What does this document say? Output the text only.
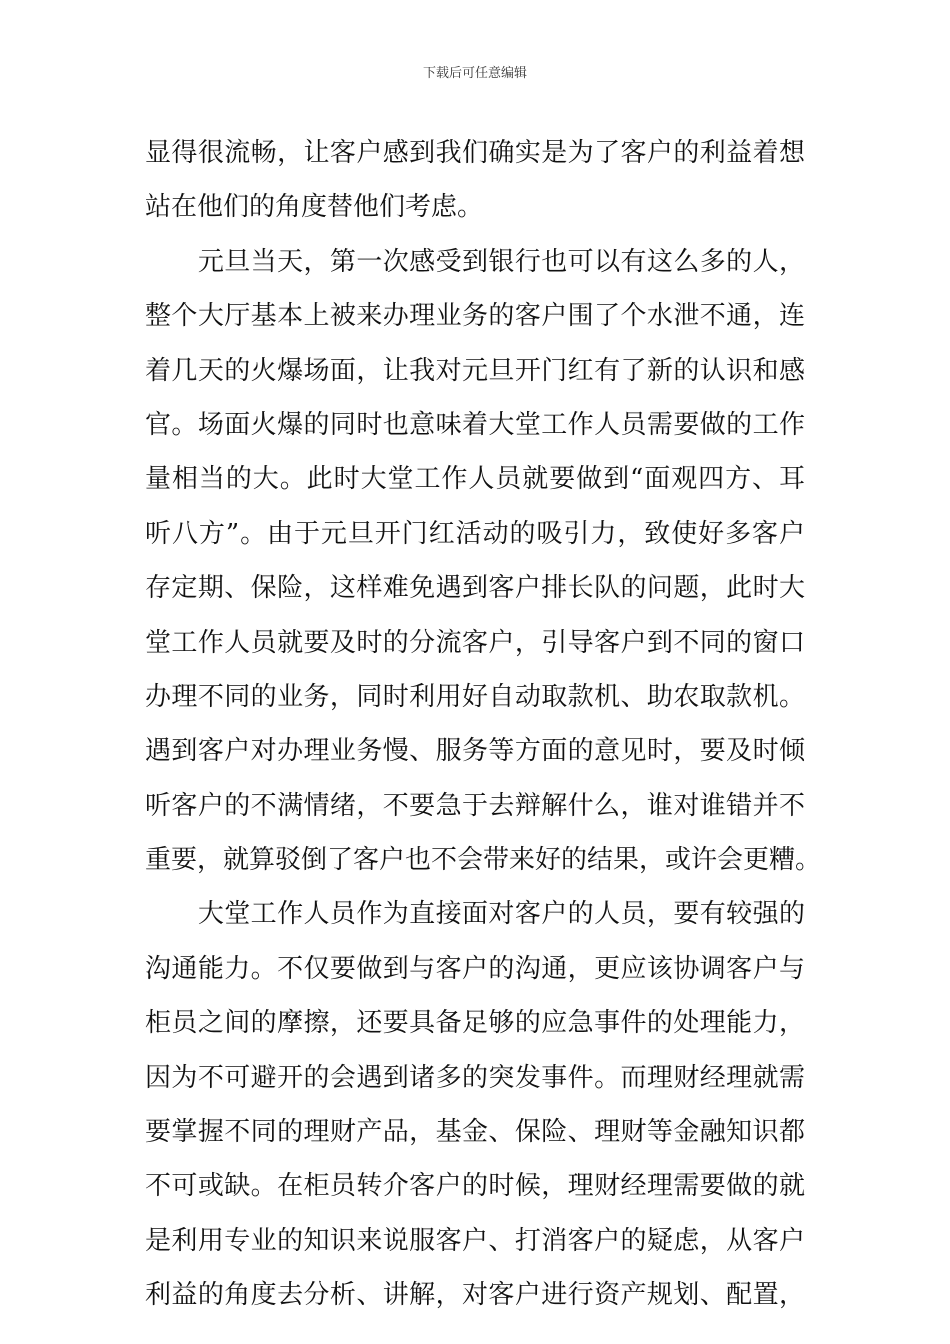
下载后可任意编辑
显得很流畅，让客户感到我们确实是为了客户的利益着想
站在他们的角度替他们考虑。
　　元旦当天，第一次感受到银行也可以有这么多的人，
整个大厅基本上被来办理业务的客户围了个水泄不通，连
着几天的火爆场面，让我对元旦开门红有了新的认识和感
官。场面火爆的同时也意味着大堂工作人员需要做的工作
量相当的大。此时大堂工作人员就要做到“面观四方、耳
听八方”。由于元旦开门红活动的吸引力，致使好多客户
存定期、保险，这样难免遇到客户排长队的问题，此时大
堂工作人员就要及时的分流客户，引导客户到不同的窗口
办理不同的业务，同时利用好自动取款机、助农取款机。
遇到客户对办理业务慢、服务等方面的意见时，要及时倾
听客户的不满情绪，不要急于去辩解什么，谁对谁错并不
重要，就算驳倒了客户也不会带来好的结果，或许会更糟。
　　大堂工作人员作为直接面对客户的人员，要有较强的
沟通能力。不仅要做到与客户的沟通，更应该协调客户与
柜员之间的摩擦，还要具备足够的应急事件的处理能力，
因为不可避开的会遇到诸多的突发事件。而理财经理就需
要掌握不同的理财产品，基金、保险、理财等金融知识都
不可或缺。在柜员转介客户的时候，理财经理需要做的就
是利用专业的知识来说服客户、打消客户的疑虑，从客户
利益的角度去分析、讲解，对客户进行资产规划、配置，
